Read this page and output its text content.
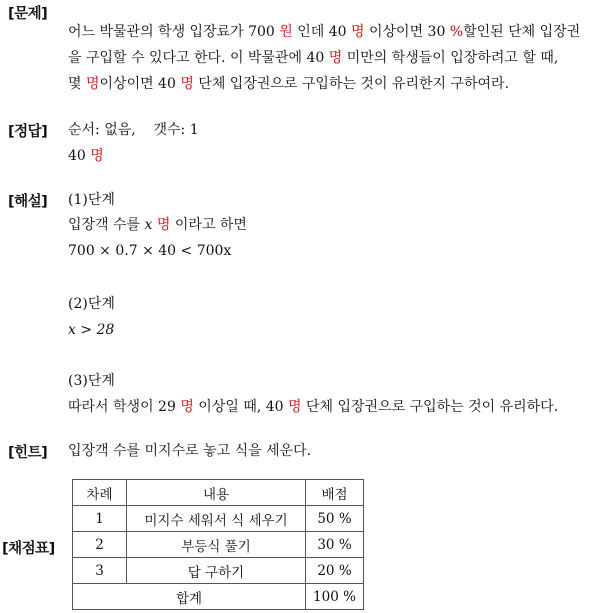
[문제]
어느 박물관의 학생 입장료가 700 원 인데 40 명 이상이면 30 %할인된 단체 입장권
을 구입할 수 있다고 한다. 이 박물관에 40 명 미만의 학생들이 입장하려고 할 때,
몇 명이상이면 40 명 단체 입장권으로 구입하는 것이 유리한지 구하여라.
[정답] 순서: 없음,    갯수: 1
40 명
[해설] (1)단계
입장객 수를 x 명 이라고 하면
700 × 0.7 × 40 < 700x
(2)단계
x > 28
(3)단계
따라서 학생이 29 명 이상일 때, 40 명 단체 입장권으로 구입하는 것이 유리하다.
[힌트] 입장객 수를 미지수로 놓고 식을 세운다.
[채점표]
차례	내용	배점
1	미지수 세워서 식 세우기	50 %
2	부등식 풀기	30 %
3	답 구하기	20 %
합계		100 %
